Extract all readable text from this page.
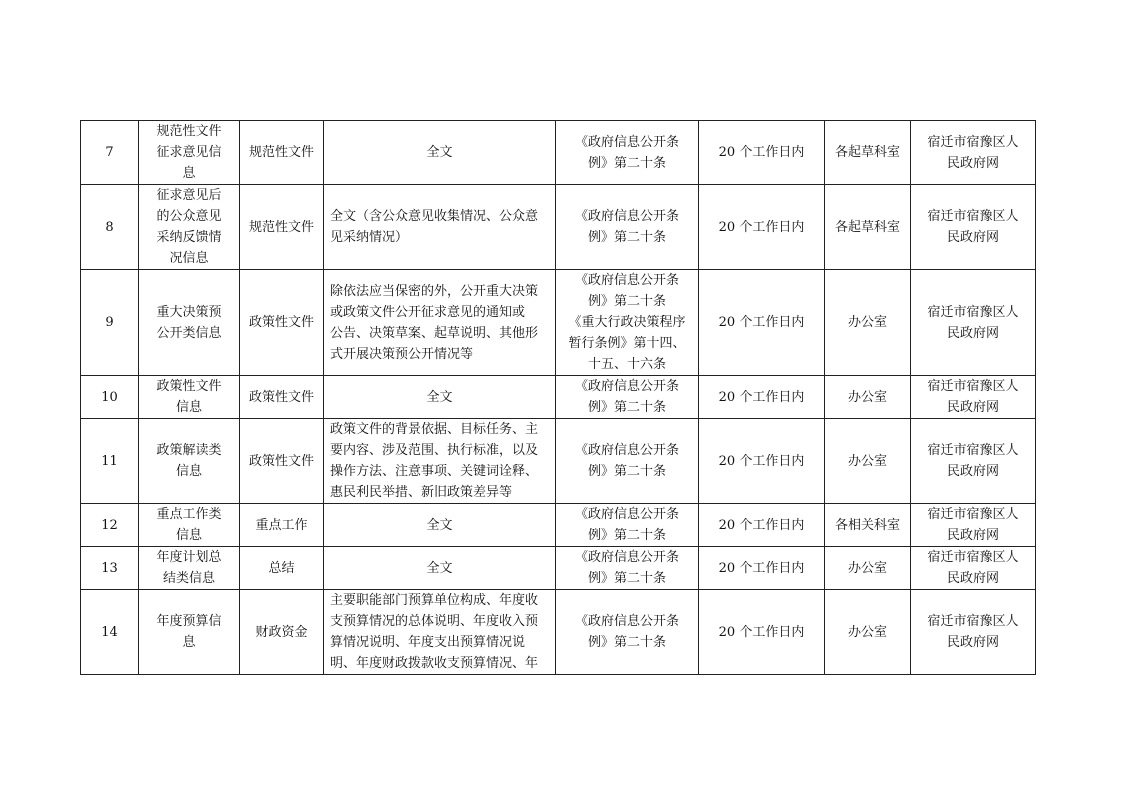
7	规范性文件
征求意见信
息	规范性文件	全文	《政府信息公开条
例》第二十条	20 个工作日内	各起草科室	宿迁市宿豫区人
民政府网
8	征求意见后
的公众意见
采纳反馈情
况信息	规范性文件	全文（含公众意见收集情况、公众意
见采纳情况）	《政府信息公开条
例》第二十条	20 个工作日内	各起草科室	宿迁市宿豫区人
民政府网
9	重大决策预
公开类信息	政策性文件	除依法应当保密的外，公开重大决策
或政策文件公开征求意见的通知或
公告、决策草案、起草说明、其他形
式开展决策预公开情况等	《政府信息公开条
例》第二十条
《重大行政决策程序
暂行条例》第十四、
十五、十六条	20 个工作日内	办公室	宿迁市宿豫区人
民政府网
10	政策性文件
信息	政策性文件	全文	《政府信息公开条
例》第二十条	20 个工作日内	办公室	宿迁市宿豫区人
民政府网
11	政策解读类
信息	政策性文件	政策文件的背景依据、目标任务、主
要内容、涉及范围、执行标准，以及
操作方法、注意事项、关键词诠释、
惠民利民举措、新旧政策差异等	《政府信息公开条
例》第二十条	20 个工作日内	办公室	宿迁市宿豫区人
民政府网
12	重点工作类
信息	重点工作	全文	《政府信息公开条
例》第二十条	20 个工作日内	各相关科室	宿迁市宿豫区人
民政府网
13	年度计划总
结类信息	总结	全文	《政府信息公开条
例》第二十条	20 个工作日内	办公室	宿迁市宿豫区人
民政府网
14	年度预算信
息	财政资金	主要职能部门预算单位构成、年度收
支预算情况的总体说明、年度收入预
算情况说明、年度支出预算情况说
明、年度财政拨款收支预算情况、年	《政府信息公开条
例》第二十条	20 个工作日内	办公室	宿迁市宿豫区人
民政府网
